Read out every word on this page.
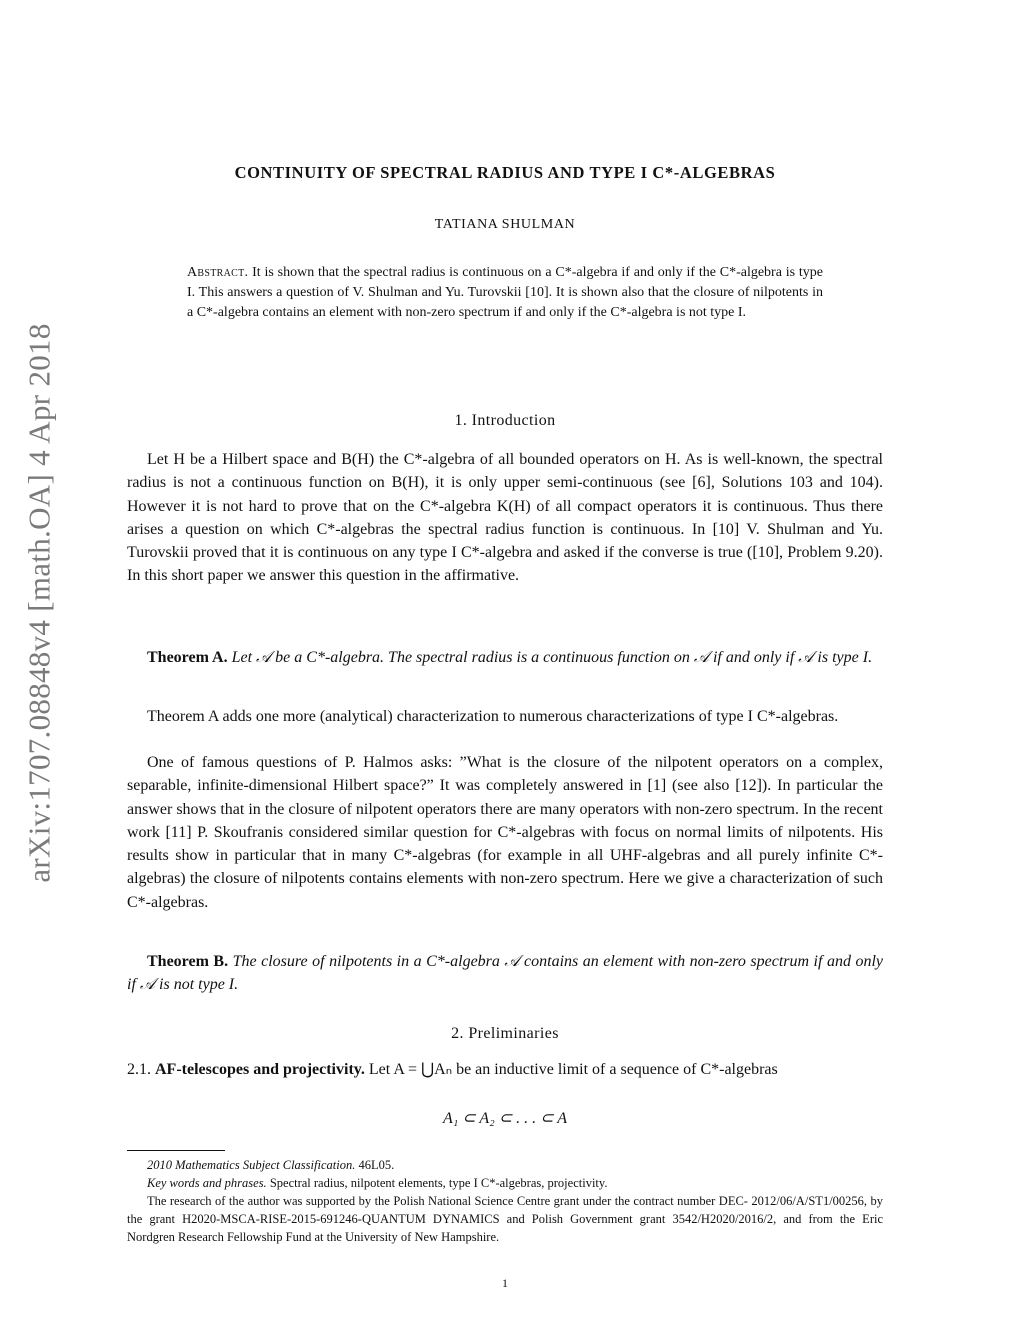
arXiv:1707.08848v4 [math.OA] 4 Apr 2018
CONTINUITY OF SPECTRAL RADIUS AND TYPE I C*-ALGEBRAS
TATIANA SHULMAN
Abstract. It is shown that the spectral radius is continuous on a C*-algebra if and only if the C*-algebra is type I. This answers a question of V. Shulman and Yu. Turovskii [10]. It is shown also that the closure of nilpotents in a C*-algebra contains an element with non-zero spectrum if and only if the C*-algebra is not type I.
1. Introduction

Let H be a Hilbert space and B(H) the C*-algebra of all bounded operators on H. As is well-known, the spectral radius is not a continuous function on B(H), it is only upper semi-continuous (see [6], Solutions 103 and 104). However it is not hard to prove that on the C*-algebra K(H) of all compact operators it is continuous. Thus there arises a question on which C*-algebras the spectral radius function is continuous. In [10] V. Shulman and Yu. Turovskii proved that it is continuous on any type I C*-algebra and asked if the converse is true ([10], Problem 9.20). In this short paper we answer this question in the affirmative.

Theorem A. Let 𝒜 be a C*-algebra. The spectral radius is a continuous function on 𝒜 if and only if 𝒜 is type I.

Theorem A adds one more (analytical) characterization to numerous characterizations of type I C*-algebras.

One of famous questions of P. Halmos asks: ”What is the closure of the nilpotent operators on a complex, separable, infinite-dimensional Hilbert space?” It was completely answered in [1] (see also [12]). In particular the answer shows that in the closure of nilpotent operators there are many operators with non-zero spectrum. In the recent work [11] P. Skoufranis considered similar question for C*-algebras with focus on normal limits of nilpotents. His results show in particular that in many C*-algebras (for example in all UHF-algebras and all purely infinite C*-algebras) the closure of nilpotents contains elements with non-zero spectrum. Here we give a characterization of such C*-algebras.

Theorem B. The closure of nilpotents in a C*-algebra 𝒜 contains an element with non-zero spectrum if and only if 𝒜 is not type I.

2. Preliminaries

2.1. AF-telescopes and projectivity. Let A = ⋃Aₙ be an inductive limit of a sequence of C*-algebras

A₁ ⊂ A₂ ⊂ . . . ⊂ A
2010 Mathematics Subject Classification. 46L05.
Key words and phrases. Spectral radius, nilpotent elements, type I C*-algebras, projectivity.
The research of the author was supported by the Polish National Science Centre grant under the contract number DEC- 2012/06/A/ST1/00256, by the grant H2020-MSCA-RISE-2015-691246-QUANTUM DYNAMICS and Polish Government grant 3542/H2020/2016/2, and from the Eric Nordgren Research Fellowship Fund at the University of New Hampshire.
1
